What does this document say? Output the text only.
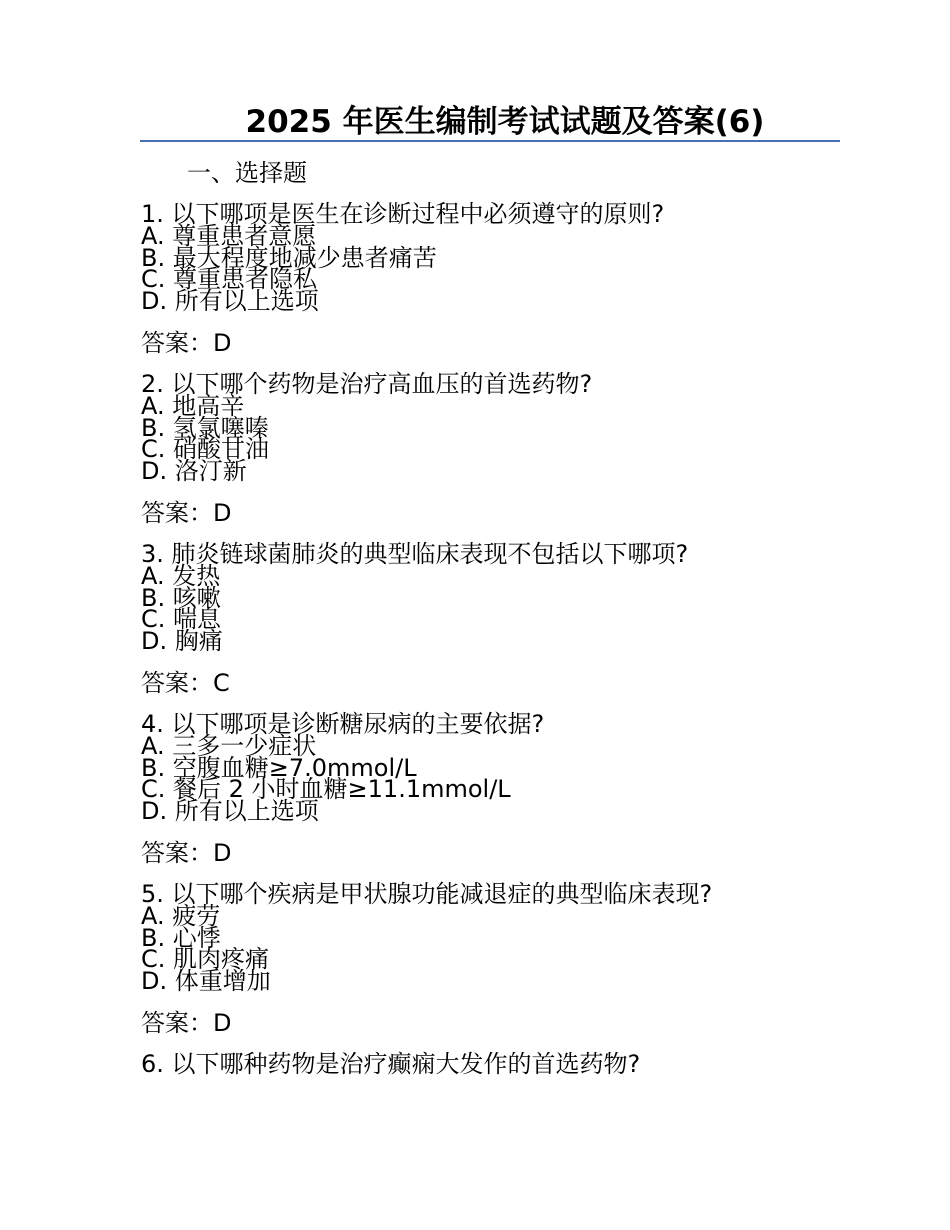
2025 年医生编制考试试题及答案(6)
一、选择题
1. 以下哪项是医生在诊断过程中必须遵守的原则?
A. 尊重患者意愿
B. 最大程度地减少患者痛苦
C. 尊重患者隐私
D. 所有以上选项
答案：D
2. 以下哪个药物是治疗高血压的首选药物?
A. 地高辛
B. 氢氯噻嗪
C. 硝酸甘油
D. 洛汀新
答案：D
3. 肺炎链球菌肺炎的典型临床表现不包括以下哪项?
A. 发热
B. 咳嗽
C. 喘息
D. 胸痛
答案：C
4. 以下哪项是诊断糖尿病的主要依据?
A. 三多一少症状
B. 空腹血糖≥7.0mmol/L
C. 餐后 2 小时血糖≥11.1mmol/L
D. 所有以上选项
答案：D
5. 以下哪个疾病是甲状腺功能减退症的典型临床表现?
A. 疲劳
B. 心悸
C. 肌肉疼痛
D. 体重增加
答案：D
6. 以下哪种药物是治疗癫痫大发作的首选药物?
